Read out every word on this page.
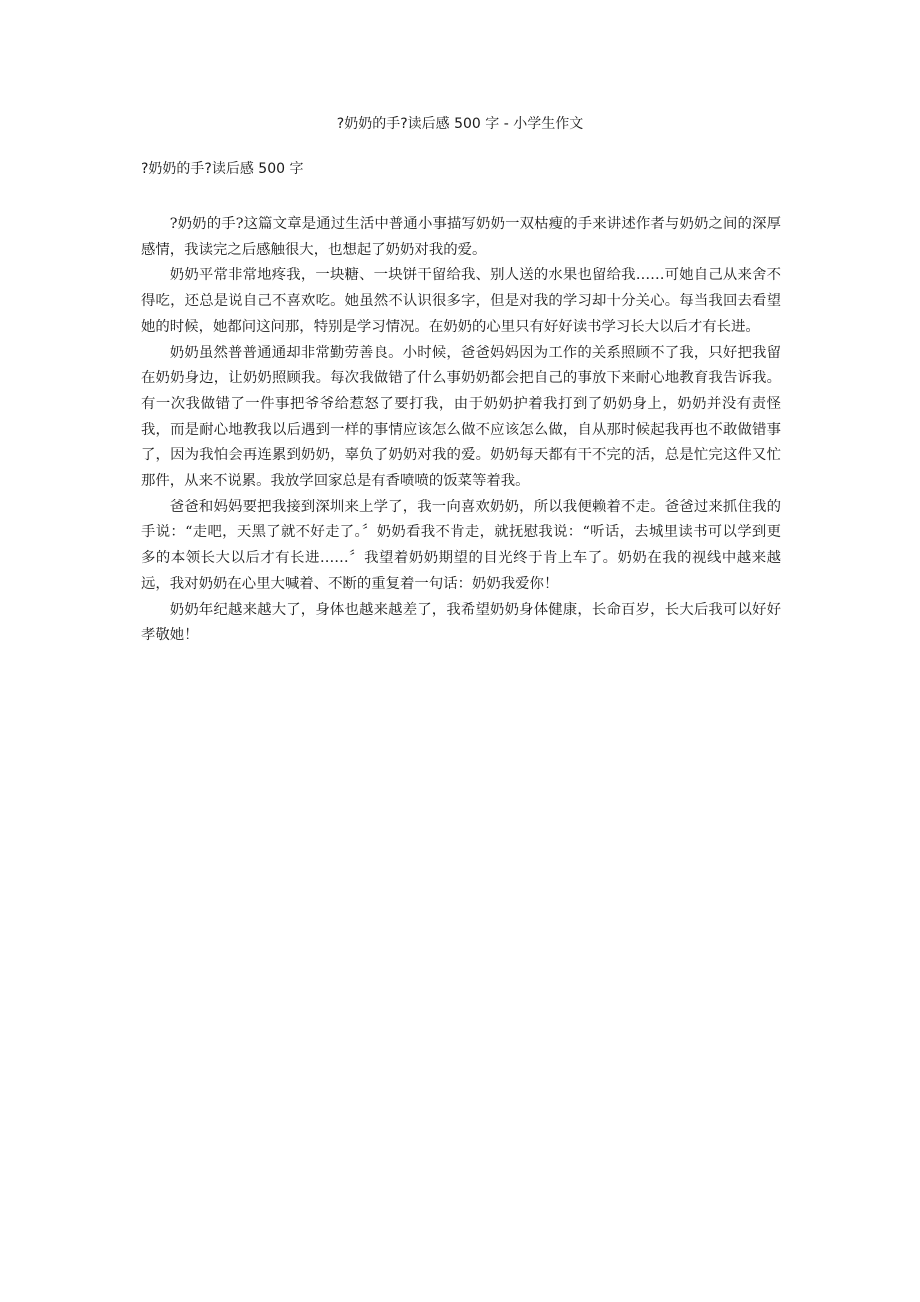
?奶奶的手?读后感 500 字 - 小学生作文
?奶奶的手?读后感 500 字

?奶奶的手?这篇文章是通过生活中普通小事描写奶奶一双枯瘦的手来讲述作者与奶奶之间的深厚感情，我读完之后感触很大，也想起了奶奶对我的爱。

奶奶平常非常地疼我，一块糖、一块饼干留给我、别人送的水果也留给我……可她自己从来舍不得吃，还总是说自己不喜欢吃。她虽然不认识很多字，但是对我的学习却十分关心。每当我回去看望她的时候，她都问这问那，特别是学习情况。在奶奶的心里只有好好读书学习长大以后才有长进。

奶奶虽然普普通通却非常勤劳善良。小时候，爸爸妈妈因为工作的关系照顾不了我，只好把我留在奶奶身边，让奶奶照顾我。每次我做错了什么事奶奶都会把自己的事放下来耐心地教育我告诉我。有一次我做错了一件事把爷爷给惹怒了要打我，由于奶奶护着我打到了奶奶身上，奶奶并没有责怪我，而是耐心地教我以后遇到一样的事情应该怎么做不应该怎么做，自从那时候起我再也不敢做错事了，因为我怕会再连累到奶奶，辜负了奶奶对我的爱。奶奶每天都有干不完的活，总是忙完这件又忙那件，从来不说累。我放学回家总是有香喷喷的饭菜等着我。

爸爸和妈妈要把我接到深圳来上学了，我一向喜欢奶奶，所以我便赖着不走。爸爸过来抓住我的手说：“走吧，天黑了就不好走了。〞奶奶看我不肯走，就抚慰我说：“听话，去城里读书可以学到更多的本领长大以后才有长进……〞我望着奶奶期望的目光终于肯上车了。奶奶在我的视线中越来越远，我对奶奶在心里大喊着、不断的重复着一句话：奶奶我爱你！

奶奶年纪越来越大了，身体也越来越差了，我希望奶奶身体健康，长命百岁，长大后我可以好好孝敬她！
